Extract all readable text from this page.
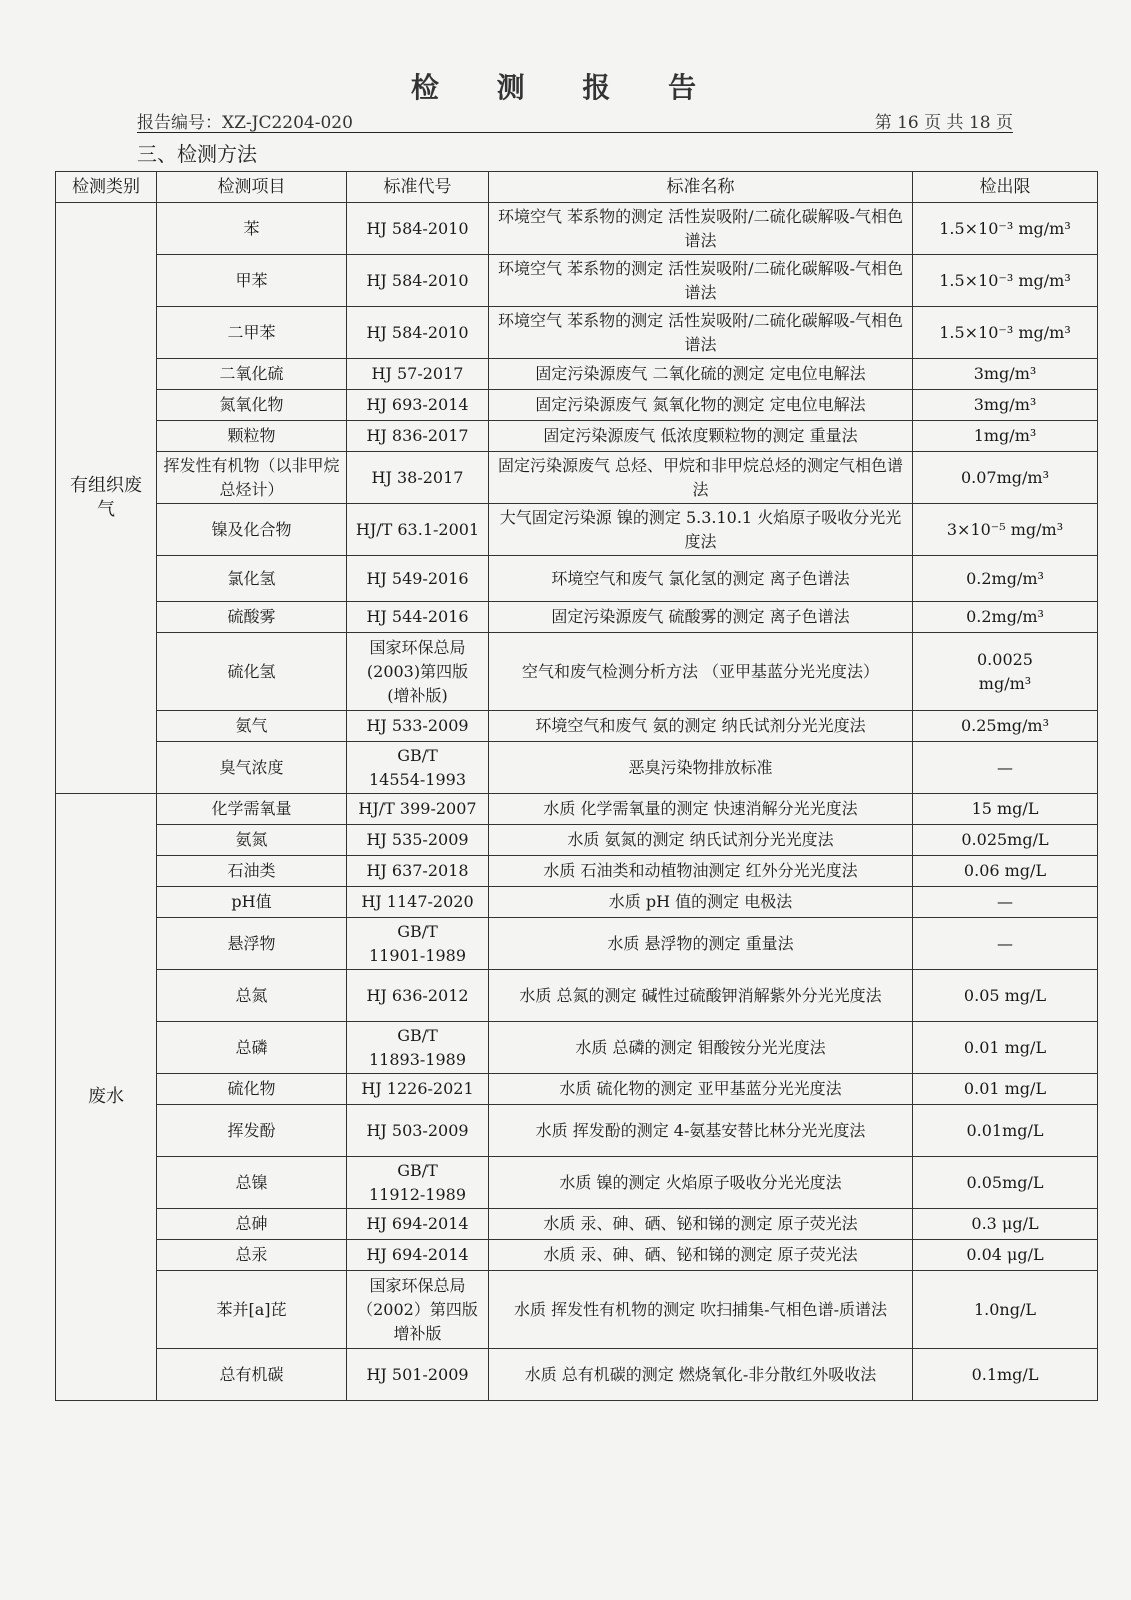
检 测 报 告
报告编号：XZ-JC2204-020	第 16 页 共 18 页
三、检测方法
检测类别	检测项目	标准代号	标准名称	检出限
有组织废
气	苯	HJ 584-2010	环境空气 苯系物的测定 活性炭吸附/二硫化碳解吸-气相色谱法	1.5×10⁻³ mg/m³
	甲苯	HJ 584-2010	环境空气 苯系物的测定 活性炭吸附/二硫化碳解吸-气相色谱法	1.5×10⁻³ mg/m³
	二甲苯	HJ 584-2010	环境空气 苯系物的测定 活性炭吸附/二硫化碳解吸-气相色谱法	1.5×10⁻³ mg/m³
	二氧化硫	HJ 57-2017	固定污染源废气 二氧化硫的测定 定电位电解法	3mg/m³
	氮氧化物	HJ 693-2014	固定污染源废气 氮氧化物的测定 定电位电解法	3mg/m³
	颗粒物	HJ 836-2017	固定污染源废气 低浓度颗粒物的测定 重量法	1mg/m³
	挥发性有机物（以非甲烷总烃计）	HJ 38-2017	固定污染源废气 总烃、甲烷和非甲烷总烃的测定气相色谱法	0.07mg/m³
	镍及化合物	HJ/T 63.1-2001	大气固定污染源 镍的测定 5.3.10.1 火焰原子吸收分光光度法	3×10⁻⁵ mg/m³
	氯化氢	HJ 549-2016	环境空气和废气 氯化氢的测定 离子色谱法	0.2mg/m³
	硫酸雾	HJ 544-2016	固定污染源废气 硫酸雾的测定 离子色谱法	0.2mg/m³
	硫化氢	国家环保总局
(2003)第四版
(增补版)	空气和废气检测分析方法 （亚甲基蓝分光光度法）	0.0025
mg/m³
	氨气	HJ 533-2009	环境空气和废气 氨的测定 纳氏试剂分光光度法	0.25mg/m³
	臭气浓度	GB/T
14554-1993	恶臭污染物排放标准	—
废水	化学需氧量	HJ/T 399-2007	水质 化学需氧量的测定 快速消解分光光度法	15 mg/L
	氨氮	HJ 535-2009	水质 氨氮的测定 纳氏试剂分光光度法	0.025mg/L
	石油类	HJ 637-2018	水质 石油类和动植物油测定 红外分光光度法	0.06 mg/L
	pH值	HJ 1147-2020	水质 pH 值的测定 电极法	—
	悬浮物	GB/T
11901-1989	水质 悬浮物的测定 重量法	—
	总氮	HJ 636-2012	水质 总氮的测定 碱性过硫酸钾消解紫外分光光度法	0.05 mg/L
	总磷	GB/T
11893-1989	水质 总磷的测定 钼酸铵分光光度法	0.01 mg/L
	硫化物	HJ 1226-2021	水质 硫化物的测定 亚甲基蓝分光光度法	0.01 mg/L
	挥发酚	HJ 503-2009	水质 挥发酚的测定 4-氨基安替比林分光光度法	0.01mg/L
	总镍	GB/T
11912-1989	水质 镍的测定 火焰原子吸收分光光度法	0.05mg/L
	总砷	HJ 694-2014	水质 汞、砷、硒、铋和锑的测定 原子荧光法	0.3 μg/L
	总汞	HJ 694-2014	水质 汞、砷、硒、铋和锑的测定 原子荧光法	0.04 μg/L
	苯并[a]芘	国家环保总局
（2002）第四版
增补版	水质 挥发性有机物的测定 吹扫捕集-气相色谱-质谱法	1.0ng/L
	总有机碳	HJ 501-2009	水质 总有机碳的测定 燃烧氧化-非分散红外吸收法	0.1mg/L
